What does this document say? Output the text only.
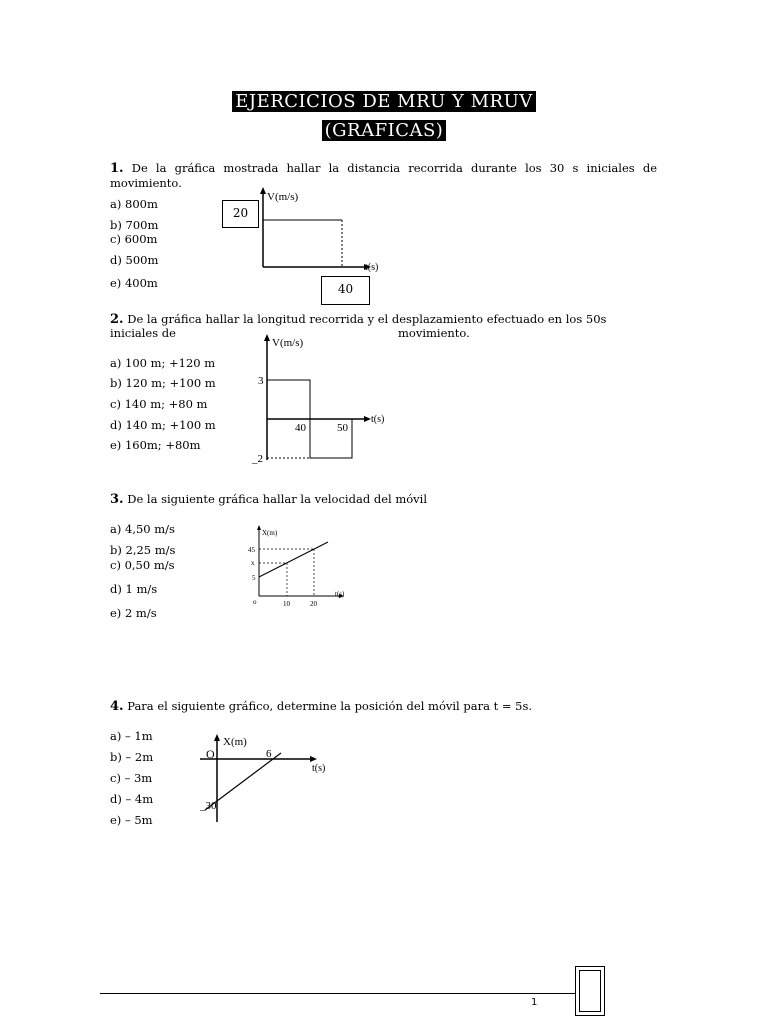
EJERCICIOS DE MRU Y MRUV
(GRAFICAS)
1. De la gráfica mostrada hallar la distancia recorrida durante los 30 s iniciales de
movimiento.
a) 800m
b) 700m
c) 600m
d) 500m
e) 400m
20
40
V(m/s)
t(s)
2. De la gráfica hallar la longitud recorrida y el desplazamiento efectuado en los 50s
iniciales de	movimiento.
a) 100 m; +120 m
b) 120 m; +100 m
c) 140 m; +80 m
d) 140 m; +100 m
e) 160m; +80m
V(m/s)
t(s)
3
_2
40	50
3. De la siguiente gráfica hallar la velocidad del móvil
a) 4,50 m/s
b) 2,25 m/s
c) 0,50 m/s
d) 1 m/s
e) 2 m/s
X(m)
t(s)
45
x
5
o	10	20
4. Para el siguiente gráfico, determine la posición del móvil para t = 5s.
a) – 1m
b) – 2m
c) – 3m
d) – 4m
e) – 5m
X(m)
t(s)
O	6
_30
1
